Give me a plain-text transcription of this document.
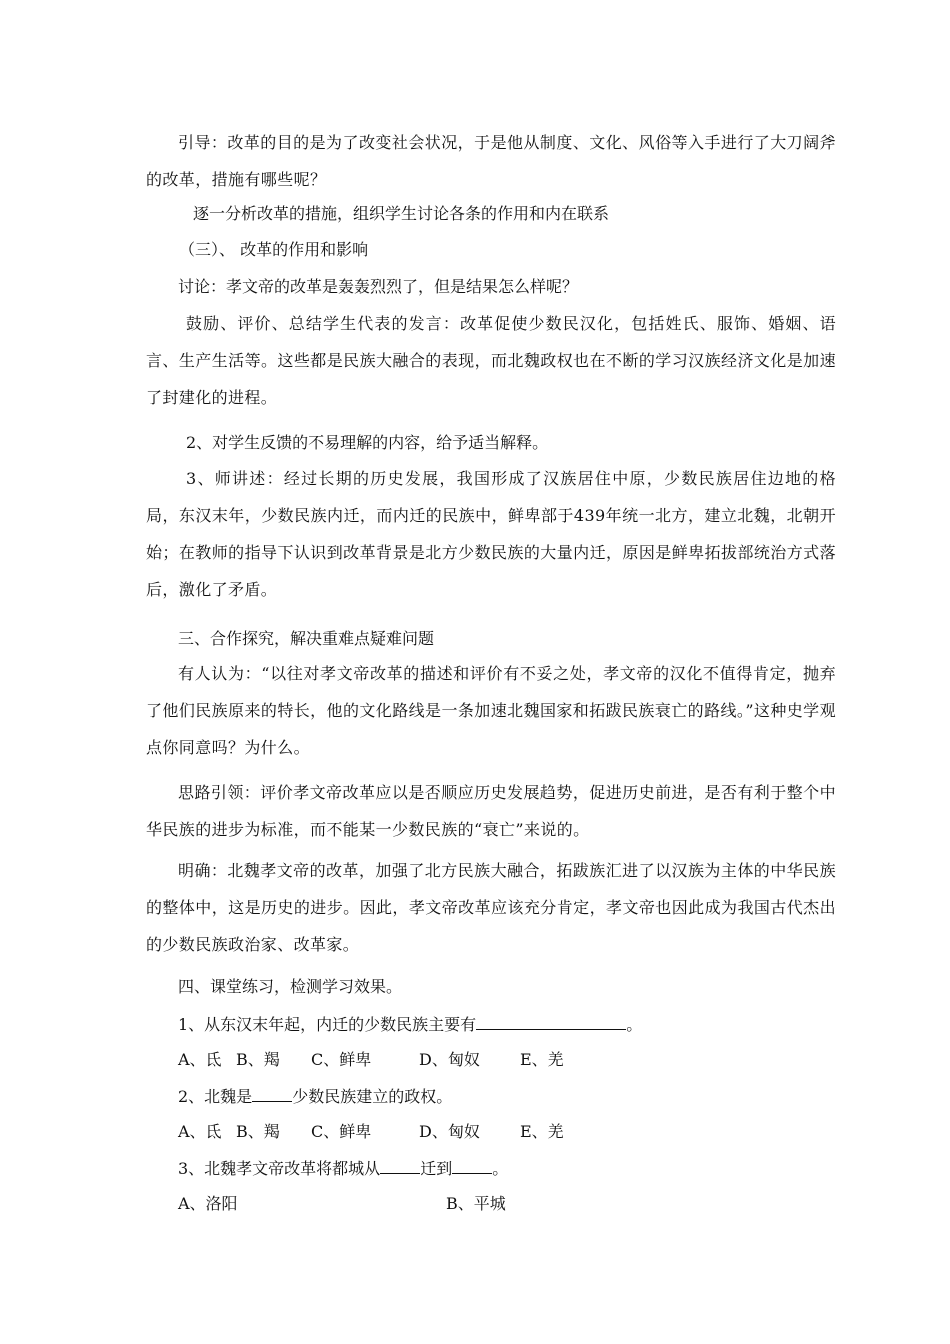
引导：改革的目的是为了改变社会状况，于是他从制度、文化、风俗等入手进行了大刀阔斧的改革，措施有哪些呢？
逐一分析改革的措施，组织学生讨论各条的作用和内在联系
（三）、 改革的作用和影响
讨论：孝文帝的改革是轰轰烈烈了，但是结果怎么样呢？
鼓励、评价、总结学生代表的发言：改革促使少数民汉化，包括姓氏、服饰、婚姻、语言、生产生活等。这些都是民族大融合的表现，而北魏政权也在不断的学习汉族经济文化是加速了封建化的进程。
2、对学生反馈的不易理解的内容，给予适当解释。
3、师讲述：经过长期的历史发展，我国形成了汉族居住中原，少数民族居住边地的格局，东汉末年，少数民族内迁，而内迁的民族中，鲜卑部于439年统一北方，建立北魏，北朝开始；在教师的指导下认识到改革背景是北方少数民族的大量内迁，原因是鲜卑拓拔部统治方式落后，激化了矛盾。
三、合作探究，解决重难点疑难问题
有人认为：“以往对孝文帝改革的描述和评价有不妥之处，孝文帝的汉化不值得肯定，抛弃了他们民族原来的特长，他的文化路线是一条加速北魏国家和拓跋民族衰亡的路线。”这种史学观点你同意吗？为什么。
思路引领：评价孝文帝改革应以是否顺应历史发展趋势，促进历史前进，是否有利于整个中华民族的进步为标准，而不能某一少数民族的“衰亡”来说的。
明确：北魏孝文帝的改革，加强了北方民族大融合，拓跋族汇进了以汉族为主体的中华民族的整体中，这是历史的进步。因此，孝文帝改革应该充分肯定，孝文帝也因此成为我国古代杰出的少数民族政治家、改革家。
四、课堂练习，检测学习效果。
1、从东汉末年起，内迁的少数民族主要有	。
A、氐 B、羯 C、鲜卑	D、匈奴	E、羌
2、北魏是	少数民族建立的政权。
A、氐 B、羯 C、鲜卑	D、匈奴	E、羌
3、北魏孝文帝改革将都城从	迁到	。
A、洛阳	B、平城
